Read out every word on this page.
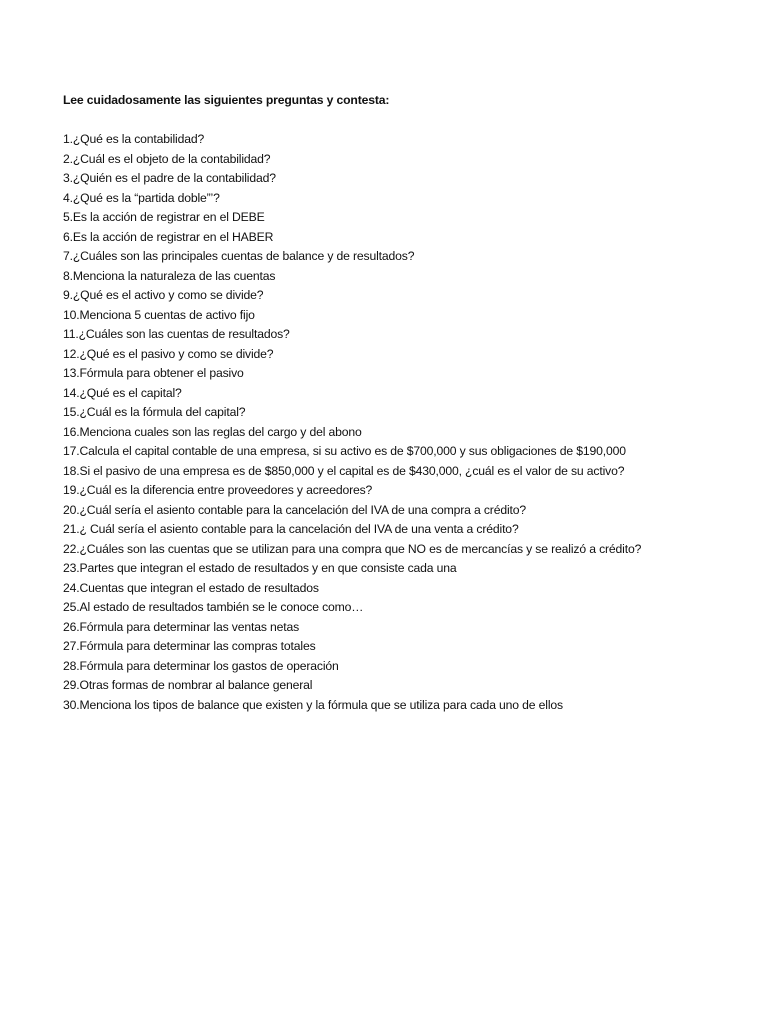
Lee cuidadosamente las siguientes preguntas y contesta:
1.¿Qué es la contabilidad?
2.¿Cuál es el objeto de la contabilidad?
3.¿Quién es el padre de la contabilidad?
4.¿Qué es la “partida doble”’?
5.Es la acción de registrar en el DEBE
6.Es la acción de registrar en el HABER
7.¿Cuáles son las principales cuentas de balance y de resultados?
8.Menciona la naturaleza de las cuentas
9.¿Qué es el activo y como se divide?
10.Menciona 5 cuentas de activo fijo
11.¿Cuáles son las cuentas de resultados?
12.¿Qué es el pasivo y como se divide?
13.Fórmula para obtener el pasivo
14.¿Qué es el capital?
15.¿Cuál es la fórmula del capital?
16.Menciona cuales son las reglas del cargo y del abono
17.Calcula el capital contable de una empresa, si su activo es de $700,000 y sus obligaciones de $190,000
18.Si el pasivo de una empresa es de $850,000 y el capital es de $430,000, ¿cuál es el valor de su activo?
19.¿Cuál es la diferencia entre proveedores y acreedores?
20.¿Cuál sería el asiento contable para la cancelación del IVA de una compra a crédito?
21.¿ Cuál sería el asiento contable para la cancelación del IVA de una venta a crédito?
22.¿Cuáles son las cuentas que se utilizan para una compra que NO es de mercancías y se realizó a crédito?
23.Partes que integran el estado de resultados y en que consiste cada una
24.Cuentas que integran el estado de resultados
25.Al estado de resultados también se le conoce como…
26.Fórmula para determinar las ventas netas
27.Fórmula para determinar las compras totales
28.Fórmula para determinar los gastos de operación
29.Otras formas de nombrar al balance general
30.Menciona los tipos de balance que existen y la fórmula que se utiliza para cada uno de ellos
